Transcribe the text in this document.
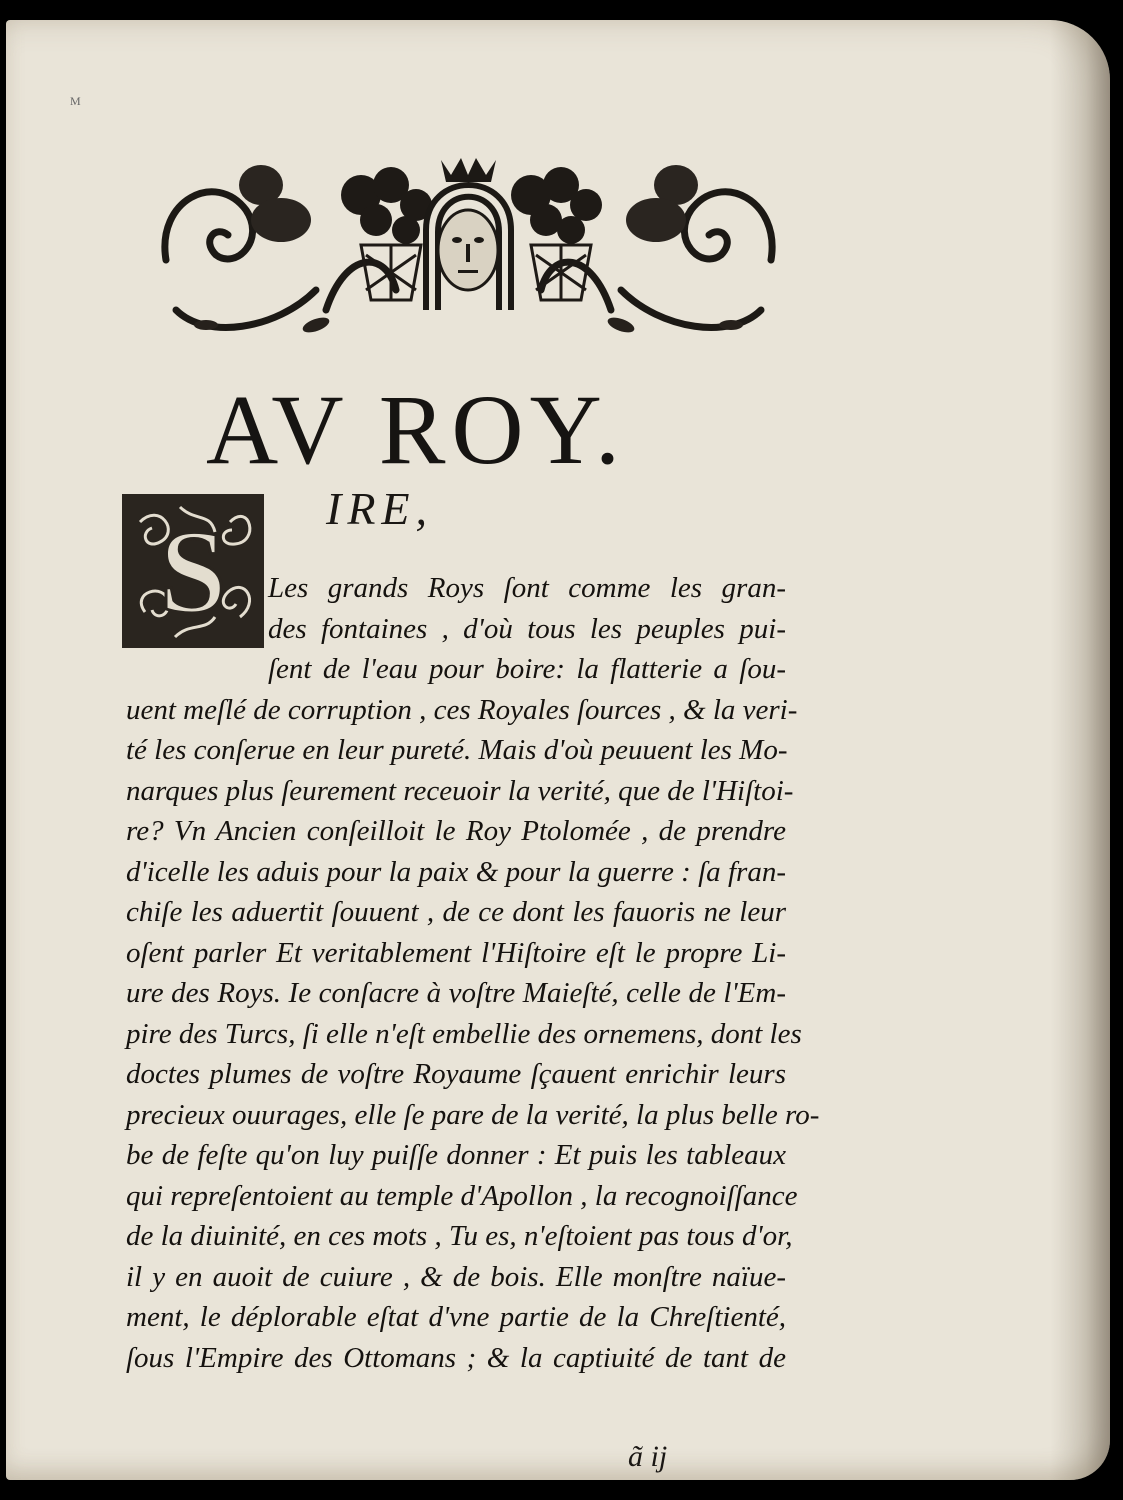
M
AV ROY.
IRE,
S	Les grands Roys ſont comme les gran-
des fontaines , d'où tous les peuples pui-
ſent de l'eau pour boire: la flatterie a ſou-
uent meſlé de corruption , ces Royales ſources , & la veri-
té les conſerue en leur pureté. Mais d'où peuuent les Mo-
narques plus ſeurement receuoir la verité, que de l'Hiſtoi-
re? Vn Ancien conſeilloit le Roy Ptolomée , de prendre
d'icelle les aduis pour la paix & pour la guerre : ſa fran-
chiſe les aduertit ſouuent , de ce dont les fauoris ne leur
oſent parler Et veritablement l'Hiſtoire eſt le propre Li-
ure des Roys. Ie conſacre à voſtre Maieſté, celle de l'Em-
pire des Turcs, ſi elle n'eſt embellie des ornemens, dont les
doctes plumes de voſtre Royaume ſçauent enrichir leurs
precieux ouurages, elle ſe pare de la verité, la plus belle ro-
be de feſte qu'on luy puiſſe donner : Et puis les tableaux
qui repreſentoient au temple d'Apollon , la recognoiſſance
de la diuinité, en ces mots , Tu es, n'eſtoient pas tous d'or,
il y en auoit de cuiure , & de bois. Elle monſtre naïue-
ment, le déplorable eſtat d'vne partie de la Chreſtienté,
ſous l'Empire des Ottomans ; & la captiuité de tant de
ã ij
